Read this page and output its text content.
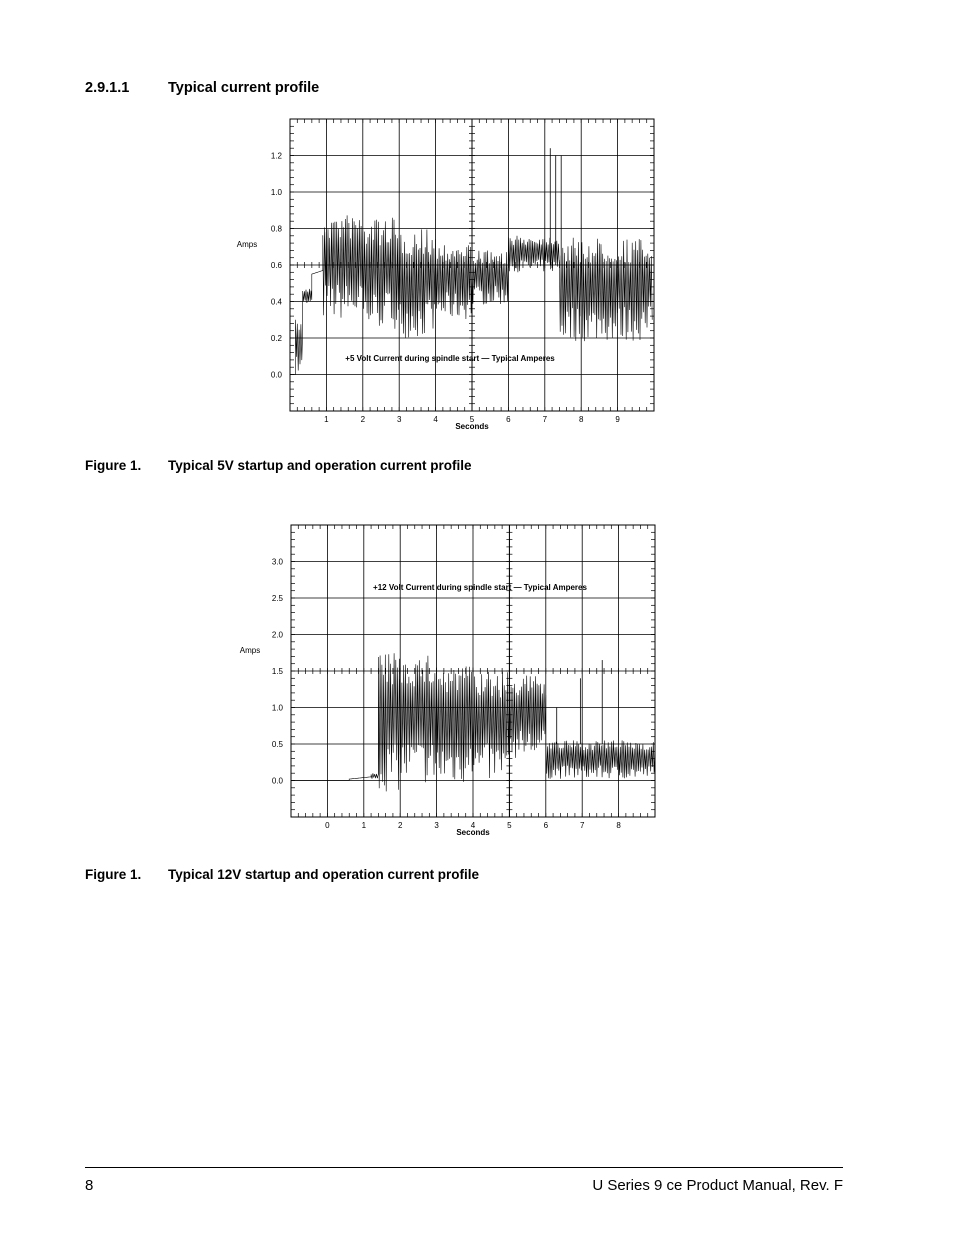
2.9.1.1	Typical current profile
0.0
0.2
0.4
0.6
0.8
1.0
1.2
1	2	3	4	5	6	7	8	9
Amps
Seconds
+5 Volt Current during spindle start — Typical Amperes
Figure 1. Typical 5V startup and operation current profile
0.0
0.5
1.0
1.5
2.0
2.5
3.0
0	1	2	3	4	5	6	7	8
Amps
Seconds
+12 Volt Current during spindle start — Typical Amperes
Figure 1. Typical 12V startup and operation current profile
8	U Series 9 ce Product Manual, Rev. F
